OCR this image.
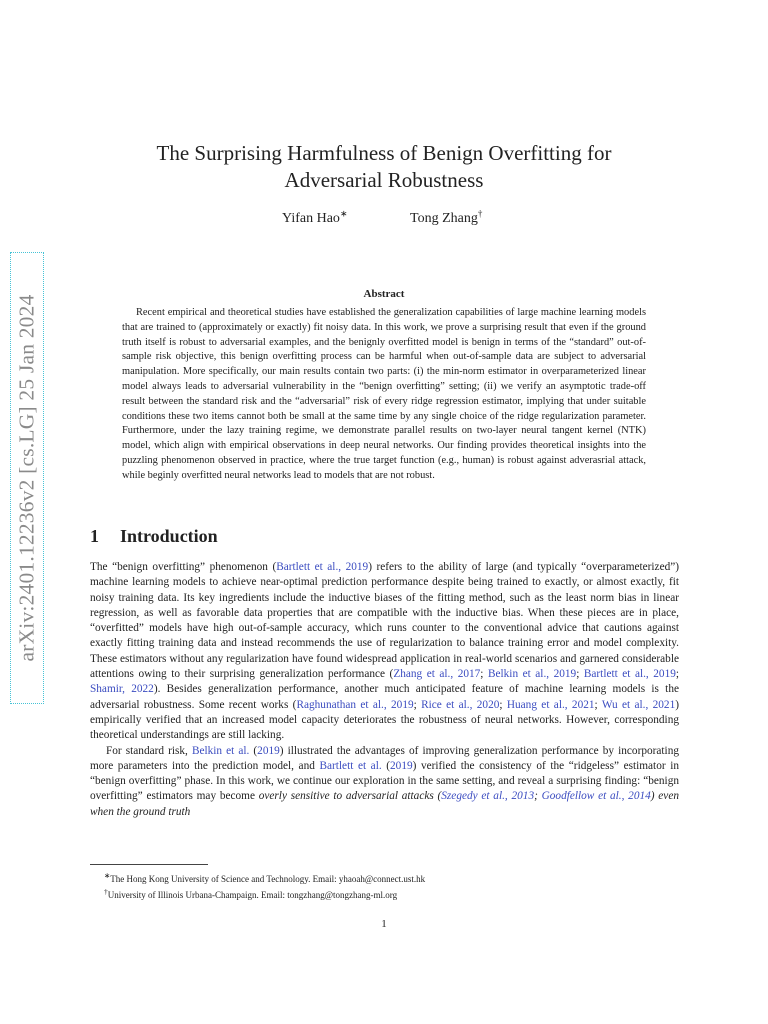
arXiv:2401.12236v2 [cs.LG] 25 Jan 2024
The Surprising Harmfulness of Benign Overfitting for
Adversarial Robustness
Yifan Hao∗	Tong Zhang†
Abstract
Recent empirical and theoretical studies have established the generalization capabilities of large machine learning models that are trained to (approximately or exactly) fit noisy data. In this work, we prove a surprising result that even if the ground truth itself is robust to adversarial examples, and the benignly overfitted model is benign in terms of the “standard” out-of-sample risk objective, this benign overfitting process can be harmful when out-of-sample data are subject to adversarial manipulation. More specifically, our main results contain two parts: (i) the min-norm estimator in overparameterized linear model always leads to adversarial vulnerability in the “benign overfitting” setting; (ii) we verify an asymptotic trade-off result between the standard risk and the “adversarial” risk of every ridge regression estimator, implying that under suitable conditions these two items cannot both be small at the same time by any single choice of the ridge regularization parameter. Furthermore, under the lazy training regime, we demonstrate parallel results on two-layer neural tangent kernel (NTK) model, which align with empirical observations in deep neural networks. Our finding provides theoretical insights into the puzzling phenomenon observed in practice, where the true target function (e.g., human) is robust against adverasrial attack, while beginly overfitted neural networks lead to models that are not robust.
1 Introduction

The “benign overfitting” phenomenon (Bartlett et al., 2019) refers to the ability of large (and typically “overparameterized”) machine learning models to achieve near-optimal prediction performance despite being trained to exactly, or almost exactly, fit noisy training data. Its key ingredients include the inductive biases of the fitting method, such as the least norm bias in linear regression, as well as favorable data properties that are compatible with the inductive bias. When these pieces are in place, “overfitted” models have high out-of-sample accuracy, which runs counter to the conventional advice that cautions against exactly fitting training data and instead recommends the use of regularization to balance training error and model complexity. These estimators without any regularization have found widespread application in real-world scenarios and garnered considerable attentions owing to their surprising generalization performance (Zhang et al., 2017; Belkin et al., 2019; Bartlett et al., 2019; Shamir, 2022). Besides generalization performance, another much anticipated feature of machine learning models is the adversarial robustness. Some recent works (Raghunathan et al., 2019; Rice et al., 2020; Huang et al., 2021; Wu et al., 2021) empirically verified that an increased model capacity deteriorates the robustness of neural networks. However, corresponding theoretical understandings are still lacking.

For standard risk, Belkin et al. (2019) illustrated the advantages of improving generalization performance by incorporating more parameters into the prediction model, and Bartlett et al. (2019) verified the consistency of the “ridgeless” estimator in “benign overfitting” phase. In this work, we continue our exploration in the same setting, and reveal a surprising finding: “benign overfitting” estimators may become overly sensitive to adversarial attacks (Szegedy et al., 2013; Goodfellow et al., 2014) even when the ground truth

∗The Hong Kong University of Science and Technology. Email: yhaoah@connect.ust.hk
†University of Illinois Urbana-Champaign. Email: tongzhang@tongzhang-ml.org
1
